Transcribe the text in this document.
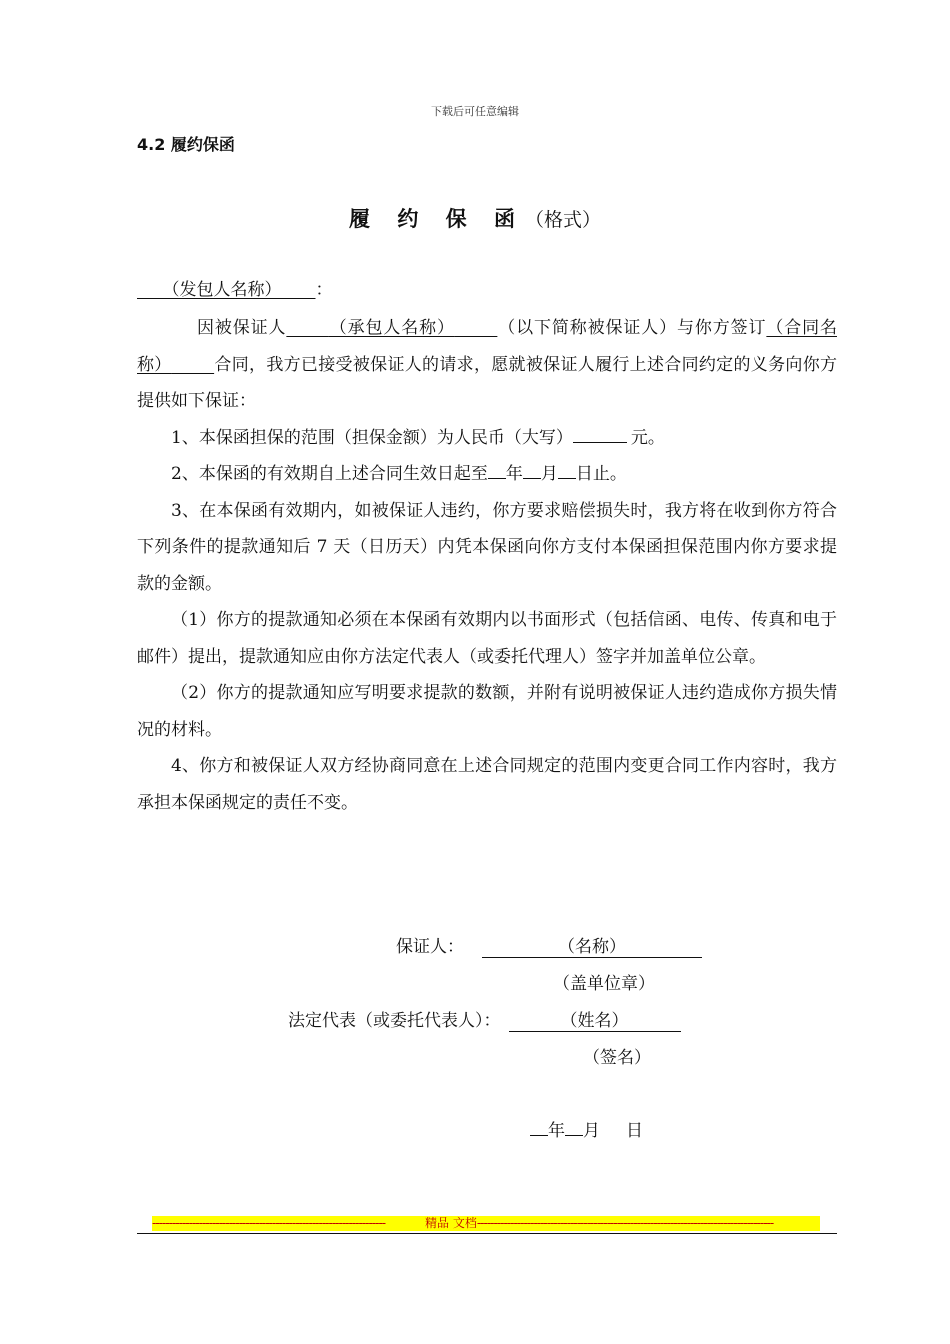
下载后可任意编辑
4.2 履约保函
履 约 保 函（格式）
  （发包人名称）    ：

因被保证人   	（承包人名称）   	（以下简称被保证人）与你方签订（合同名称）   	合同，我方已接受被保证人的请求，愿就被保证人履行上述合同约定的义务向你方提供如下保证：

1、本保函担保的范围（担保金额）为人民币（大写）	元。

2、本保函的有效期自上述合同生效日起至 年 月 日止。

3、在本保函有效期内，如被保证人违约，你方要求赔偿损失时，我方将在收到你方符合下列条件的提款通知后 7 天（日历天）内凭本保函向你方支付本保函担保范围内你方要求提款的金额。

（1）你方的提款通知必须在本保函有效期内以书面形式（包括信函、电传、传真和电于邮件）提出，提款通知应由你方法定代表人（或委托代理人）签字并加盖单位公章。

（2）你方的提款通知应写明要求提款的数额，并附有说明被保证人违约造成你方损失情况的材料。

4、你方和被保证人双方经协商同意在上述合同规定的范围内变更合同工作内容时，我方承担本保函规定的责任不变。

保证人：	（名称）
（盖单位章）
法定代表（或委托代表人）：	（姓名）
（签名）
年 月 日
----------------------------------------------------------------------	精品 文档-----------------------------------------------------------------------------------------
